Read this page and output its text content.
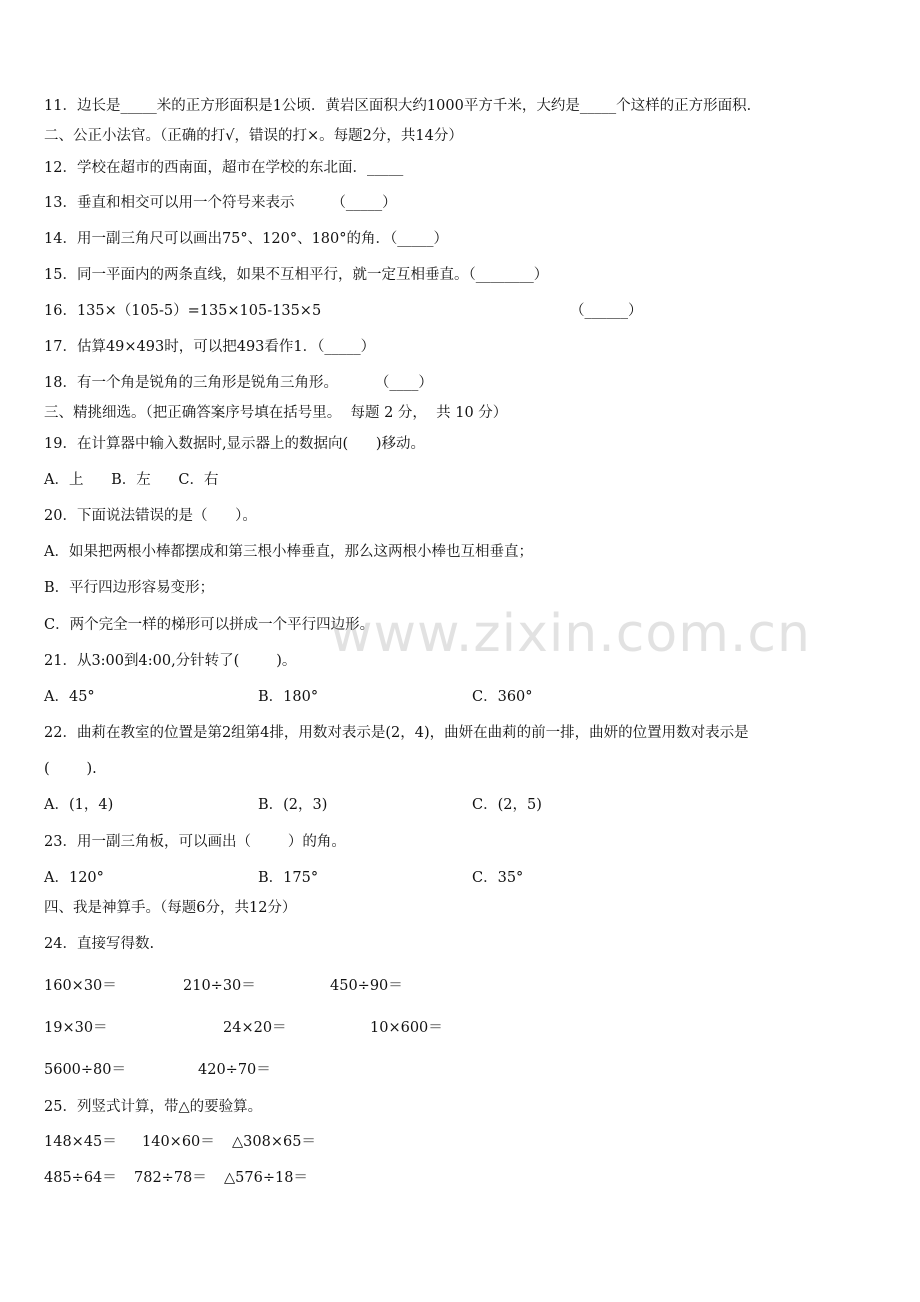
11．边长是_____米的正方形面积是1公顷．黄岩区面积大约1000平方千米，大约是_____个这样的正方形面积．
二、公正小法官。（正确的打√，错误的打×。每题2分，共14分）
12．学校在超市的西南面，超市在学校的东北面．_____
13．垂直和相交可以用一个符号来表示        （_____）
14．用一副三角尺可以画出75°、120°、180°的角．（_____）
15．同一平面内的两条直线，如果不互相平行，就一定互相垂直。（________）
16．135×（105-5）=135×105-135×5	（______）
17．估算49×493时，可以把493看作1．（_____）
18．有一个角是锐角的三角形是锐角三角形。        （____）
三、精挑细选。（把正确答案序号填在括号里。  每题 2 分，  共 10 分）
19．在计算器中输入数据时,显示器上的数据向(      )移动。
A．上      B．左      C．右
20．下面说法错误的是（      ）。
A．如果把两根小棒都摆成和第三根小棒垂直，那么这两根小棒也互相垂直；
B．平行四边形容易变形；
C．两个完全一样的梯形可以拼成一个平行四边形。
21．从3:00到4:00,分针转了(        )。
A．45°	B．180°	C．360°
22．曲莉在教室的位置是第2组第4排，用数对表示是(2，4)，曲妍在曲莉的前一排，曲妍的位置用数对表示是
(        ).
A．(1，4)	B．(2，3)	C．(2，5)
23．用一副三角板，可以画出（        ）的角。
A．120°	B．175°	C．35°
四、我是神算手。（每题6分，共12分）
24．直接写得数.
160×30＝	210÷30＝	450÷90＝
19×30＝	24×20＝	10×600＝
5600÷80＝	420÷70＝
25．列竖式计算，带△的要验算。
148×45＝ 140×60＝ △308×65＝
485÷64＝ 782÷78＝ △576÷18＝
www.zixin.com.cn
